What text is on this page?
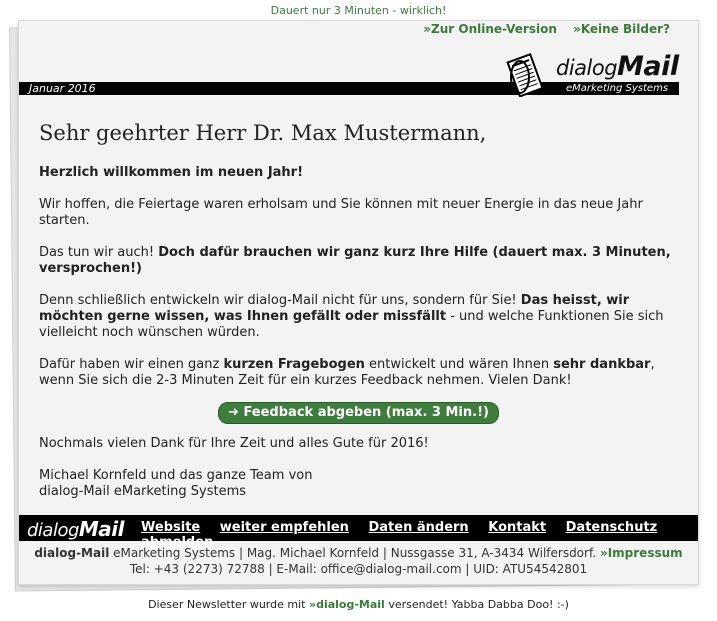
Dauert nur 3 Minuten - wirklich!
»Zur Online-Version »Keine Bilder?
Januar 2016
dialogMail
eMarketing Systems
Sehr geehrter Herr Dr. Max Mustermann,

Herzlich willkommen im neuen Jahr!

Wir hoffen, die Feiertage waren erholsam und Sie können mit neuer Energie in das neue Jahr starten.

Das tun wir auch! Doch dafür brauchen wir ganz kurz Ihre Hilfe (dauert max. 3 Minuten, versprochen!)

Denn schließlich entwickeln wir dialog-Mail nicht für uns, sondern für Sie! Das heisst, wir möchten gerne wissen, was Ihnen gefällt oder missfällt - und welche Funktionen Sie sich vielleicht noch wünschen würden.

Dafür haben wir einen ganz kurzen Fragebogen entwickelt und wären Ihnen sehr dankbar, wenn Sie sich die 2-3 Minuten Zeit für ein kurzes Feedback nehmen. Vielen Dank!

➜ Feedback abgeben (max. 3 Min.!)

Nochmals vielen Dank für Ihre Zeit und alles Gute für 2016!

Michael Kornfeld und das ganze Team von
dialog-Mail eMarketing Systems

dialogMail Website weiter empfehlen Daten ändern Kontakt Datenschutz abmelden
dialog-Mail eMarketing Systems | Mag. Michael Kornfeld | Nussgasse 31, A-3434 Wilfersdorf. »Impressum
Tel: +43 (2273) 72788 | E-Mail: office@dialog-mail.com | UID: ATU54542801
Dieser Newsletter wurde mit »dialog-Mail versendet! Yabba Dabba Doo! :-)
